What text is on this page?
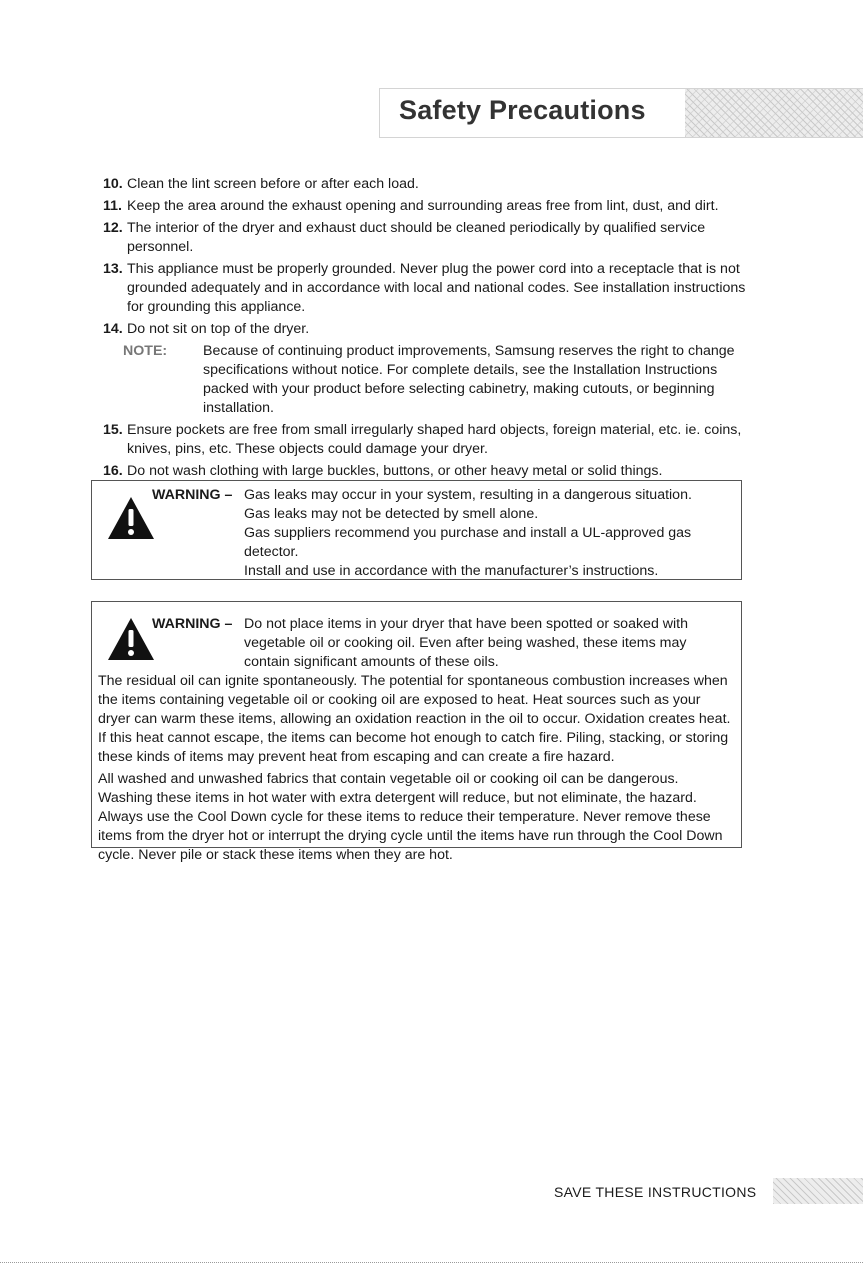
Safety Precautions
10. Clean the lint screen before or after each load.
11. Keep the area around the exhaust opening and surrounding areas free from lint, dust, and dirt.
12. The interior of the dryer and exhaust duct should be cleaned periodically by qualified service personnel.
13. This appliance must be properly grounded. Never plug the power cord into a receptacle that is not grounded adequately and in accordance with local and national codes. See installation instructions for grounding this appliance.
14. Do not sit on top of the dryer.
NOTE:	Because of continuing product improvements, Samsung reserves the right to change specifications without notice. For complete details, see the Installation Instructions packed with your product before selecting cabinetry, making cutouts, or beginning installation.
15. Ensure pockets are free from small irregularly shaped hard objects, foreign material, etc. ie. coins, knives, pins, etc. These objects could damage your dryer.
16. Do not wash clothing with large buckles, buttons, or other heavy metal or solid things.
WARNING – Gas leaks may occur in your system, resulting in a dangerous situation.
Gas leaks may not be detected by smell alone.
Gas suppliers recommend you purchase and install a UL-approved gas detector.
Install and use in accordance with the manufacturer’s instructions.
WARNING – Do not place items in your dryer that have been spotted or soaked with vegetable oil or cooking oil. Even after being washed, these items may contain significant amounts of these oils.

The residual oil can ignite spontaneously. The potential for spontaneous combustion increases when the items containing vegetable oil or cooking oil are exposed to heat. Heat sources such as your dryer can warm these items, allowing an oxidation reaction in the oil to occur. Oxidation creates heat. If this heat cannot escape, the items can become hot enough to catch fire. Piling, stacking, or storing these kinds of items may prevent heat from escaping and can create a fire hazard.

All washed and unwashed fabrics that contain vegetable oil or cooking oil can be dangerous. Washing these items in hot water with extra detergent will reduce, but not eliminate, the hazard. Always use the Cool Down cycle for these items to reduce their temperature. Never remove these items from the dryer hot or interrupt the drying cycle until the items have run through the Cool Down cycle. Never pile or stack these items when they are hot.

SAVE THESE INSTRUCTIONS
